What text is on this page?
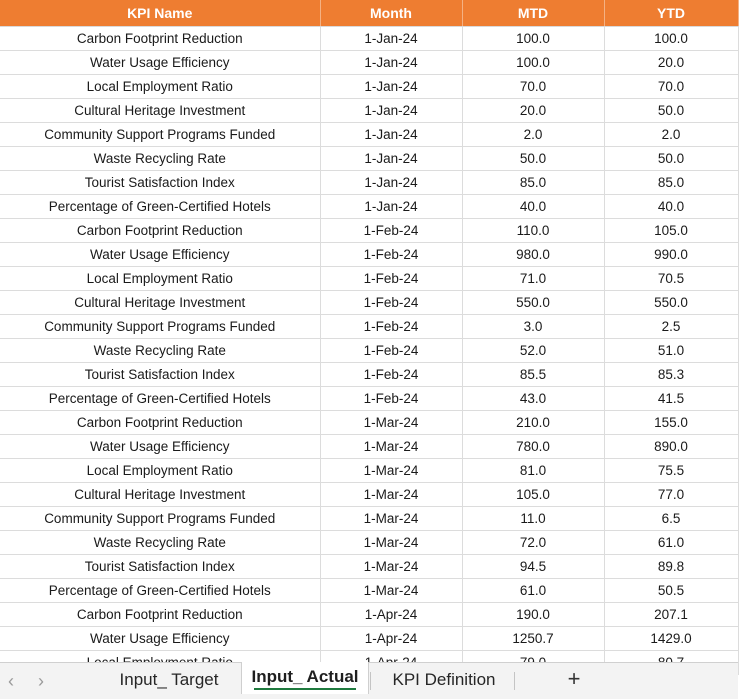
KPI Name	Month	MTD	YTD
Carbon Footprint Reduction	1-Jan-24	100.0	100.0
Water Usage Efficiency	1-Jan-24	100.0	20.0
Local Employment Ratio	1-Jan-24	70.0	70.0
Cultural Heritage Investment	1-Jan-24	20.0	50.0
Community Support Programs Funded	1-Jan-24	2.0	2.0
Waste Recycling Rate	1-Jan-24	50.0	50.0
Tourist Satisfaction Index	1-Jan-24	85.0	85.0
Percentage of Green-Certified Hotels	1-Jan-24	40.0	40.0
Carbon Footprint Reduction	1-Feb-24	110.0	105.0
Water Usage Efficiency	1-Feb-24	980.0	990.0
Local Employment Ratio	1-Feb-24	71.0	70.5
Cultural Heritage Investment	1-Feb-24	550.0	550.0
Community Support Programs Funded	1-Feb-24	3.0	2.5
Waste Recycling Rate	1-Feb-24	52.0	51.0
Tourist Satisfaction Index	1-Feb-24	85.5	85.3
Percentage of Green-Certified Hotels	1-Feb-24	43.0	41.5
Carbon Footprint Reduction	1-Mar-24	210.0	155.0
Water Usage Efficiency	1-Mar-24	780.0	890.0
Local Employment Ratio	1-Mar-24	81.0	75.5
Cultural Heritage Investment	1-Mar-24	105.0	77.0
Community Support Programs Funded	1-Mar-24	11.0	6.5
Waste Recycling Rate	1-Mar-24	72.0	61.0
Tourist Satisfaction Index	1-Mar-24	94.5	89.8
Percentage of Green-Certified Hotels	1-Mar-24	61.0	50.5
Carbon Footprint Reduction	1-Apr-24	190.0	207.1
Water Usage Efficiency	1-Apr-24	1250.7	1429.0

‹ ›	Input_ Target	Input_ Actual	KPI Definition	+
